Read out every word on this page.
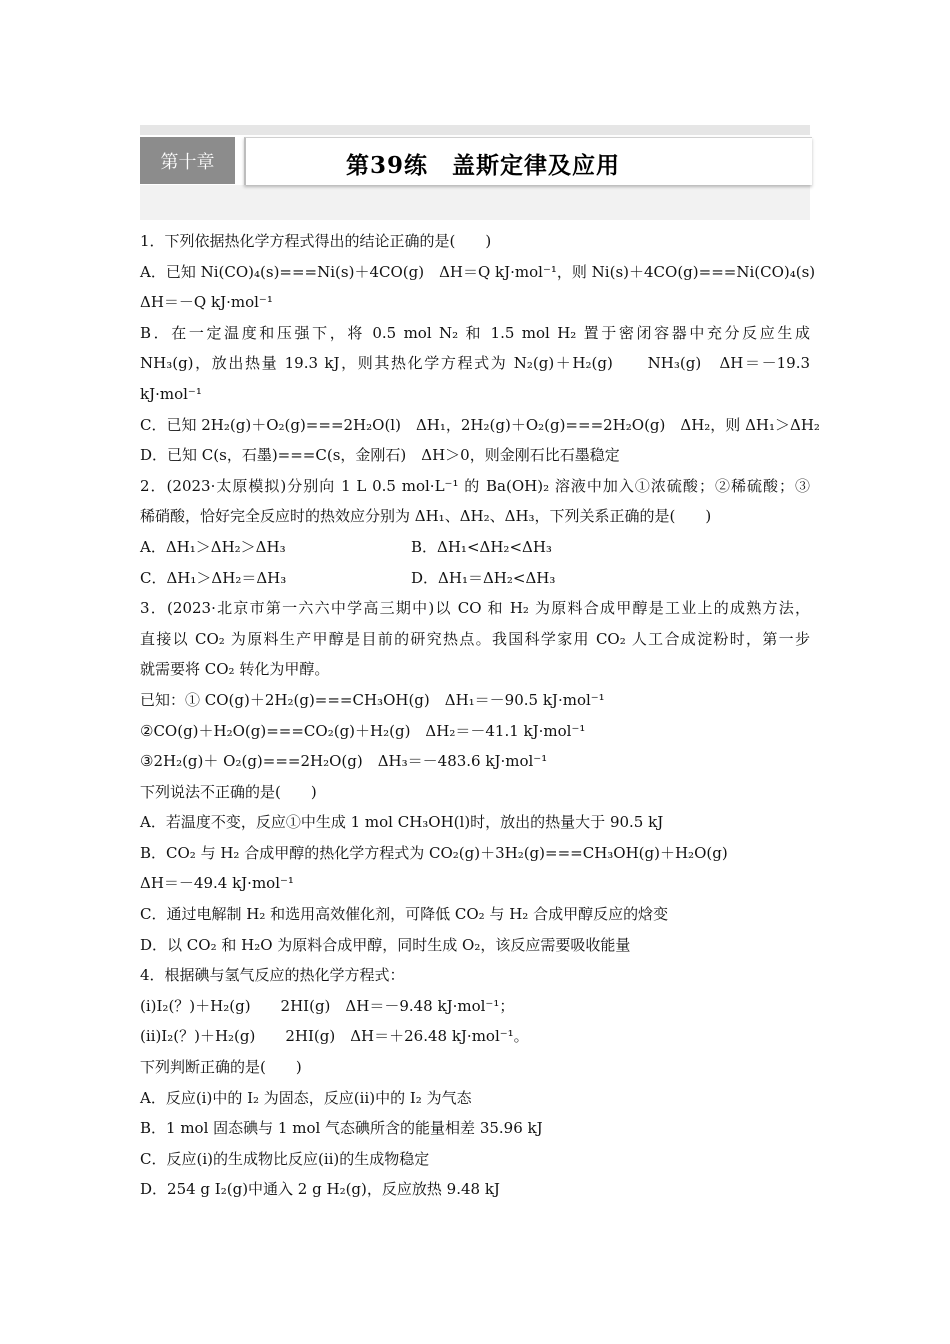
第十章	第39练　盖斯定律及应用
1．下列依据热化学方程式得出的结论正确的是(　　)
A．已知 Ni(CO)₄(s)===Ni(s)＋4CO(g)　ΔH＝Q kJ·mol⁻¹，则 Ni(s)＋4CO(g)===Ni(CO)₄(s)
ΔH＝－Q kJ·mol⁻¹
B．在一定温度和压强下，将 0.5 mol N₂ 和 1.5 mol H₂ 置于密闭容器中充分反应生成
NH₃(g)，放出热量 19.3 kJ，则其热化学方程式为 N₂(g)＋H₂(g)　　NH₃(g)　ΔH＝－19.3
kJ·mol⁻¹
C．已知 2H₂(g)＋O₂(g)===2H₂O(l)　ΔH₁，2H₂(g)＋O₂(g)===2H₂O(g)　ΔH₂，则 ΔH₁＞ΔH₂
D．已知 C(s，石墨)===C(s，金刚石)　ΔH＞0，则金刚石比石墨稳定
2．(2023·太原模拟)分别向 1 L 0.5 mol·L⁻¹ 的 Ba(OH)₂ 溶液中加入①浓硫酸；②稀硫酸；③
稀硝酸，恰好完全反应时的热效应分别为 ΔH₁、ΔH₂、ΔH₃，下列关系正确的是(　　)
A．ΔH₁＞ΔH₂＞ΔH₃	B．ΔH₁<ΔH₂<ΔH₃
C．ΔH₁＞ΔH₂＝ΔH₃	D．ΔH₁＝ΔH₂<ΔH₃
3．(2023·北京市第一六六中学高三期中)以 CO 和 H₂ 为原料合成甲醇是工业上的成熟方法，
直接以 CO₂ 为原料生产甲醇是目前的研究热点。我国科学家用 CO₂ 人工合成淀粉时，第一步
就需要将 CO₂ 转化为甲醇。
已知：① CO(g)＋2H₂(g)===CH₃OH(g)　ΔH₁＝－90.5 kJ·mol⁻¹
②CO(g)＋H₂O(g)===CO₂(g)＋H₂(g)　ΔH₂＝－41.1 kJ·mol⁻¹
③2H₂(g)＋ O₂(g)===2H₂O(g)　ΔH₃＝－483.6 kJ·mol⁻¹
下列说法不正确的是(　　)
A．若温度不变，反应①中生成 1 mol CH₃OH(l)时，放出的热量大于 90.5 kJ
B．CO₂ 与 H₂ 合成甲醇的热化学方程式为 CO₂(g)＋3H₂(g)===CH₃OH(g)＋H₂O(g)
ΔH＝－49.4 kJ·mol⁻¹
C．通过电解制 H₂ 和选用高效催化剂，可降低 CO₂ 与 H₂ 合成甲醇反应的焓变
D．以 CO₂ 和 H₂O 为原料合成甲醇，同时生成 O₂，该反应需要吸收能量
4．根据碘与氢气反应的热化学方程式：
(ⅰ)I₂(？)＋H₂(g)　　2HI(g)　ΔH＝－9.48 kJ·mol⁻¹；
(ⅱ)I₂(？)＋H₂(g)　　2HI(g)　ΔH＝＋26.48 kJ·mol⁻¹。
下列判断正确的是(　　)
A．反应(ⅰ)中的 I₂ 为固态，反应(ⅱ)中的 I₂ 为气态
B．1 mol 固态碘与 1 mol 气态碘所含的能量相差 35.96 kJ
C．反应(ⅰ)的生成物比反应(ⅱ)的生成物稳定
D．254 g I₂(g)中通入 2 g H₂(g)，反应放热 9.48 kJ
